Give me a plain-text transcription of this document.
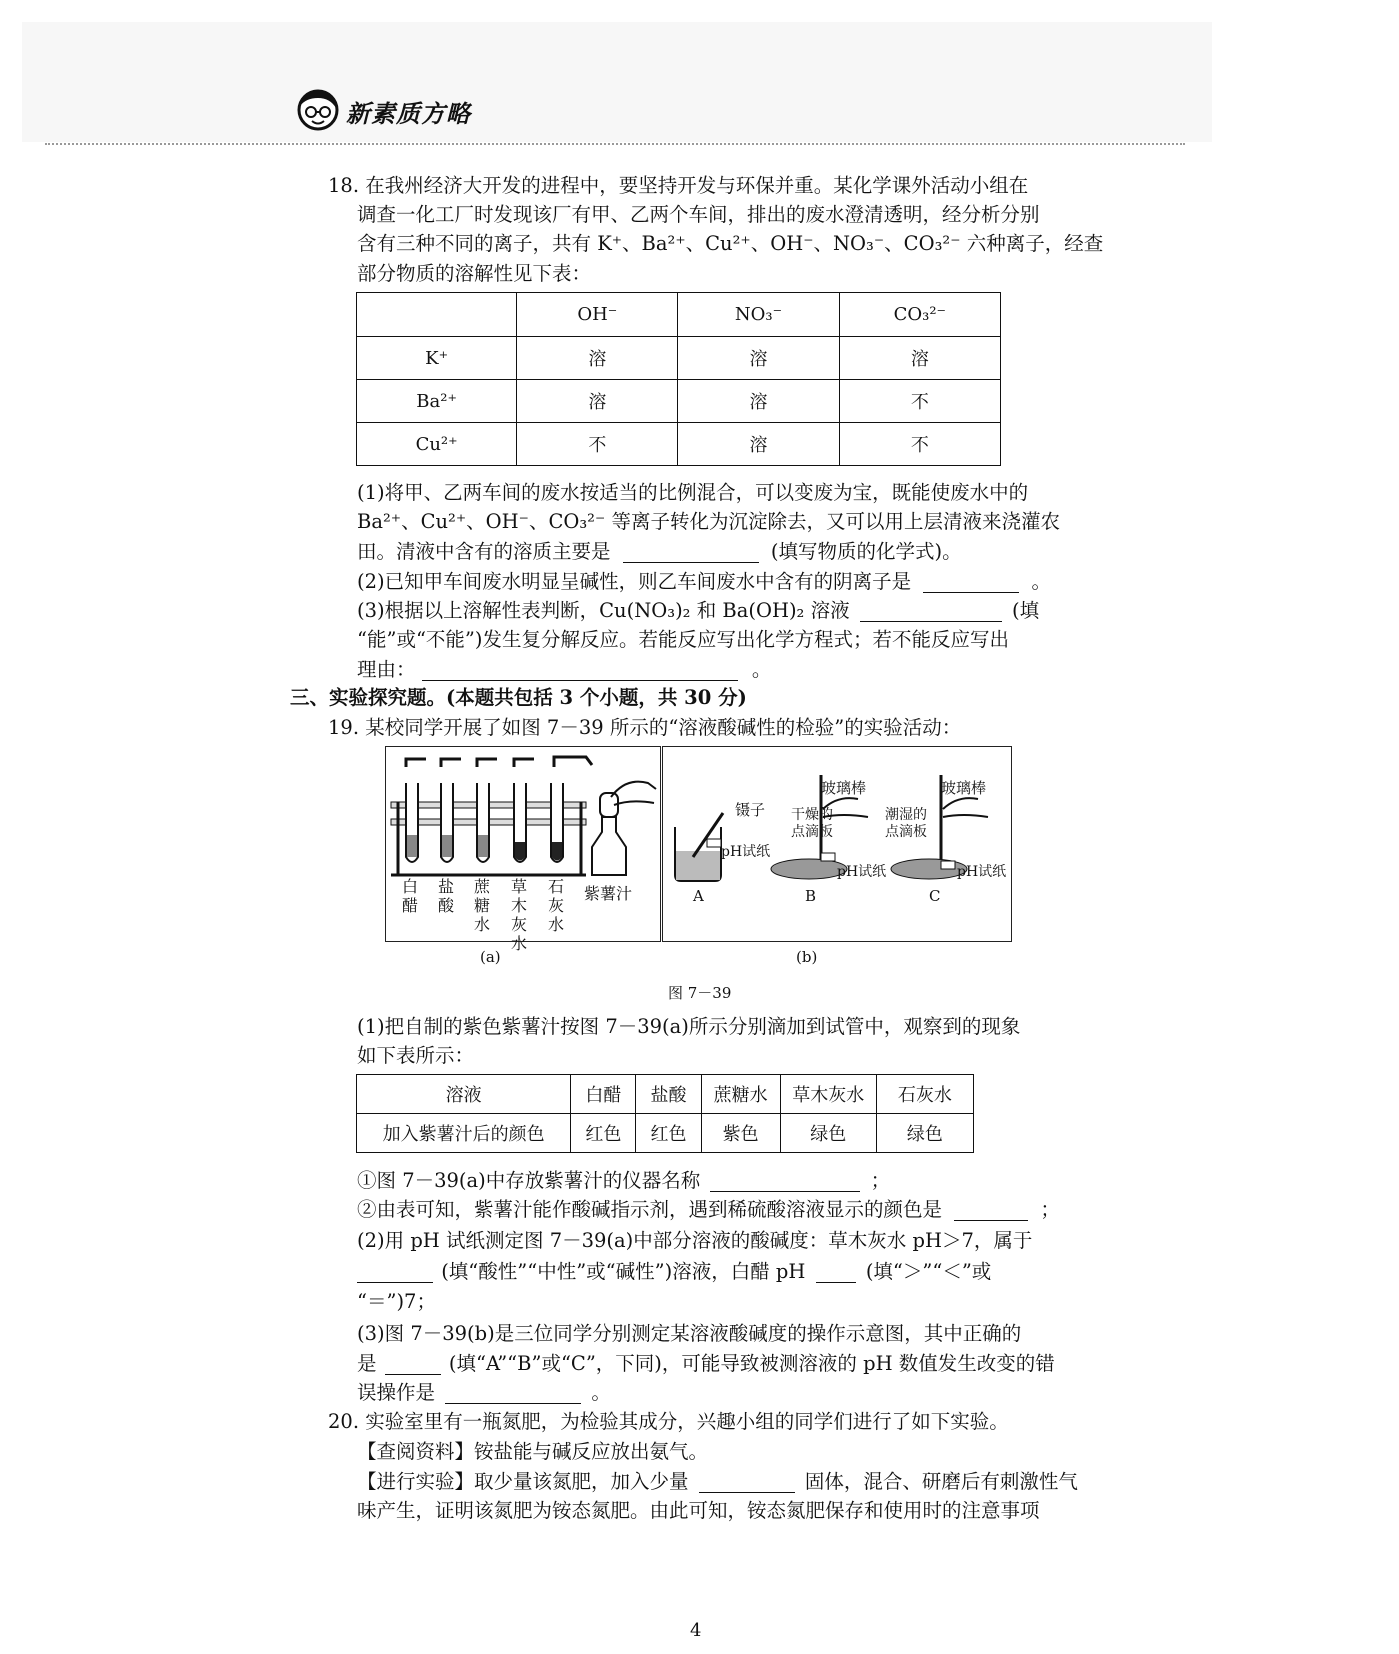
新素质方略
18. 在我州经济大开发的进程中，要坚持开发与环保并重。某化学课外活动小组在
调查一化工厂时发现该厂有甲、乙两个车间，排出的废水澄清透明，经分析分别
含有三种不同的离子，共有 K⁺、Ba²⁺、Cu²⁺、OH⁻、NO₃⁻、CO₃²⁻ 六种离子，经查
部分物质的溶解性见下表：
	OH⁻	NO₃⁻	CO₃²⁻
K⁺	溶	溶	溶
Ba²⁺	溶	溶	不
Cu²⁺	不	溶	不
(1)将甲、乙两车间的废水按适当的比例混合，可以变废为宝，既能使废水中的
Ba²⁺、Cu²⁺、OH⁻、CO₃²⁻ 等离子转化为沉淀除去，又可以用上层清液来浇灌农
田。清液中含有的溶质主要是	(填写物质的化学式)。
(2)已知甲车间废水明显呈碱性，则乙车间废水中含有的阴离子是	。
(3)根据以上溶解性表判断，Cu(NO₃)₂ 和 Ba(OH)₂ 溶液	(填
“能”或“不能”)发生复分解反应。若能反应写出化学方程式；若不能反应写出
理由：	。
三、实验探究题。(本题共包括 3 个小题，共 30 分)
19. 某校同学开展了如图 7－39 所示的“溶液酸碱性的检验”的实验活动：
白醋
盐酸
蔗糖水
草木灰水
石灰水
紫薯汁
镊子
pH试纸
玻璃棒
干燥的点滴板
pH试纸
玻璃棒
潮湿的点滴板
pH试纸
A	B	C
(a)	(b)
图 7－39
(1)把自制的紫色紫薯汁按图 7－39(a)所示分别滴加到试管中，观察到的现象
如下表所示：
溶液	白醋	盐酸	蔗糖水	草木灰水	石灰水
加入紫薯汁后的颜色	红色	红色	紫色	绿色	绿色
①图 7－39(a)中存放紫薯汁的仪器名称	；
②由表可知，紫薯汁能作酸碱指示剂，遇到稀硫酸溶液显示的颜色是	；
(2)用 pH 试纸测定图 7－39(a)中部分溶液的酸碱度：草木灰水 pH＞7，属于
(填“酸性”“中性”或“碱性”)溶液，白醋 pH	(填“＞”“＜”或
“＝”)7；
(3)图 7－39(b)是三位同学分别测定某溶液酸碱度的操作示意图，其中正确的
是	(填“A”“B”或“C”，下同)，可能导致被测溶液的 pH 数值发生改变的错
误操作是	。
20. 实验室里有一瓶氮肥，为检验其成分，兴趣小组的同学们进行了如下实验。
【查阅资料】铵盐能与碱反应放出氨气。
【进行实验】取少量该氮肥，加入少量	固体，混合、研磨后有刺激性气
味产生，证明该氮肥为铵态氮肥。由此可知，铵态氮肥保存和使用时的注意事项
4
